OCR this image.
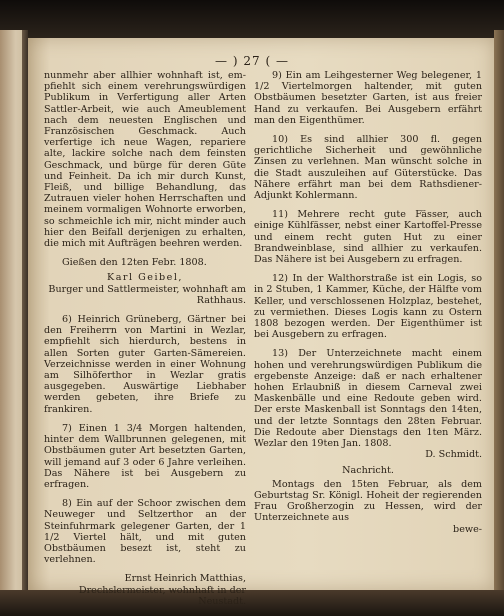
— ) 27 ( —

nunmehr aber allhier wohnhaft ist, em-pfiehlt sich einem verehrungswürdigen Publikum in Verfertigung aller Arten Sattler-Arbeit, wie auch Ameublement nach dem neuesten Englischen und Französischen Geschmack. Auch verfertige ich neue Wagen, repariere alte, lackire solche nach dem feinsten Geschmack, und bürge für deren Güte und Feinheit. Da ich mir durch Kunst, Fleiß, und billige Behandlung, das Zutrauen vieler hohen Herrschaften und meinem vormaligen Wohnorte erworben, so schmeichle ich mir, nicht minder auch hier den Beifall derjenigen zu erhalten, die mich mit Aufträgen beehren werden.

Gießen den 12ten Febr. 1808.

Karl Geibel,

Burger und Sattlermeister, wohnhaft am Rathhaus.

6) Heinrich Grüneberg, Gärtner bei den Freiherrn von Martini in Wezlar, empfiehlt sich hierdurch, bestens in allen Sorten guter Garten-Sämereien. Verzeichnisse werden in einer Wohnung am Silhöferthor in Wezlar gratis ausgegeben. Auswärtige Liebhaber werden gebeten, ihre Briefe zu frankiren.

7) Einen 1 3/4 Morgen haltenden, hinter dem Wallbrunnen gelegenen, mit Obstbäumen guter Art besetzten Garten, will jemand auf 3 oder 6 Jahre verleihen. Das Nähere ist bei Ausgebern zu erfragen.

8) Ein auf der Schoor zwischen dem Neuweger und Seltzerthor an der Steinfuhrmark gelegener Garten, der 1 1/2 Viertel hält, und mit guten Obstbäumen besezt ist, steht zu verlehnen.

Ernst Heinrich Matthias,

Drechslermeister, wohnhaft in der Neustadt.

9) Ein am Leihgesterner Weg belegener, 1 1/2 Viertelmorgen haltender, mit guten Obstbäumen besetzter Garten, ist aus freier Hand zu verkaufen. Bei Ausgebern erfährt man den Eigenthümer.

10) Es sind allhier 300 fl. gegen gerichtliche Sicherheit und gewöhnliche Zinsen zu verlehnen. Man wünscht solche in die Stadt auszuleihen auf Güterstücke. Das Nähere erfährt man bei dem Rathsdiener-Adjunkt Kohlermann.

11) Mehrere recht gute Fässer, auch einige Kühlfässer, nebst einer Kartoffel-Presse und einem recht guten Hut zu einer Brandweinblase, sind allhier zu verkaufen. Das Nähere ist bei Ausgebern zu erfragen.

12) In der Walthorstraße ist ein Logis, so in 2 Stuben, 1 Kammer, Küche, der Hälfte vom Keller, und verschlossenen Holzplaz, bestehet, zu vermiethen. Dieses Logis kann zu Ostern 1808 bezogen werden. Der Eigenthümer ist bei Ausgebern zu erfragen.

13) Der Unterzeichnete macht einem hohen und verehrungswürdigen Publikum die ergebenste Anzeige: daß er nach erhaltener hohen Erlaubniß in diesem Carneval zwei Maskenbälle und eine Redoute geben wird. Der erste Maskenball ist Sonntags den 14ten, und der letzte Sonntags den 28ten Februar. Die Redoute aber Dienstags den 1ten März. Wezlar den 19ten Jan. 1808.

D. Schmidt.

Nachricht.

Montags den 15ten Februar, als dem Geburtstag Sr. Königl. Hoheit der regierenden Frau Großherzogin zu Hessen, wird der Unterzeichnete aus

bewe-
